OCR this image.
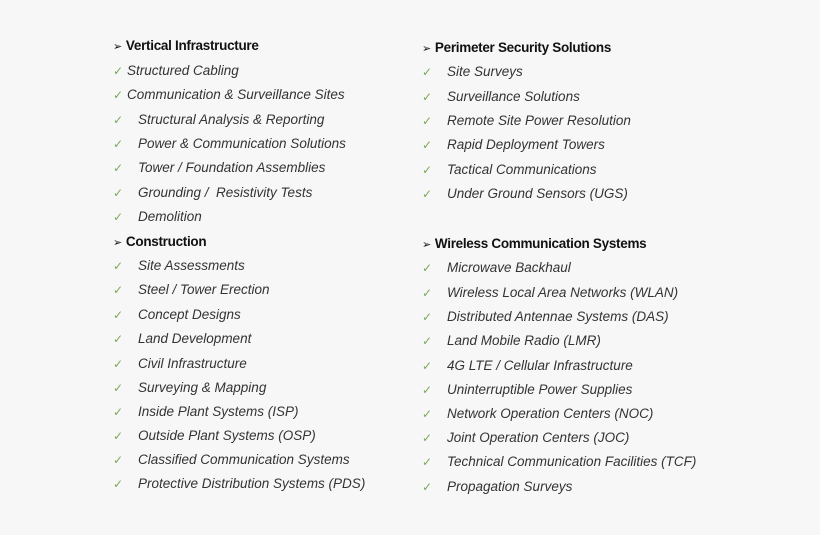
➢ Vertical Infrastructure
✓ Structured Cabling
✓ Communication & Surveillance Sites
✓ Structural Analysis & Reporting
✓ Power & Communication Solutions
✓ Tower / Foundation Assemblies
✓ Grounding /  Resistivity Tests
✓ Demolition
➢ Construction
✓ Site Assessments
✓ Steel / Tower Erection
✓ Concept Designs
✓ Land Development
✓ Civil Infrastructure
✓ Surveying & Mapping
✓ Inside Plant Systems (ISP)
✓ Outside Plant Systems (OSP)
✓ Classified Communication Systems
✓ Protective Distribution Systems (PDS)
➢ Perimeter Security Solutions
✓ Site Surveys
✓ Surveillance Solutions
✓ Remote Site Power Resolution
✓ Rapid Deployment Towers
✓ Tactical Communications
✓ Under Ground Sensors (UGS)
➢ Wireless Communication Systems
✓ Microwave Backhaul
✓ Wireless Local Area Networks (WLAN)
✓ Distributed Antennae Systems (DAS)
✓ Land Mobile Radio (LMR)
✓ 4G LTE / Cellular Infrastructure
✓ Uninterruptible Power Supplies
✓ Network Operation Centers (NOC)
✓ Joint Operation Centers (JOC)
✓ Technical Communication Facilities (TCF)
✓ Propagation Surveys
